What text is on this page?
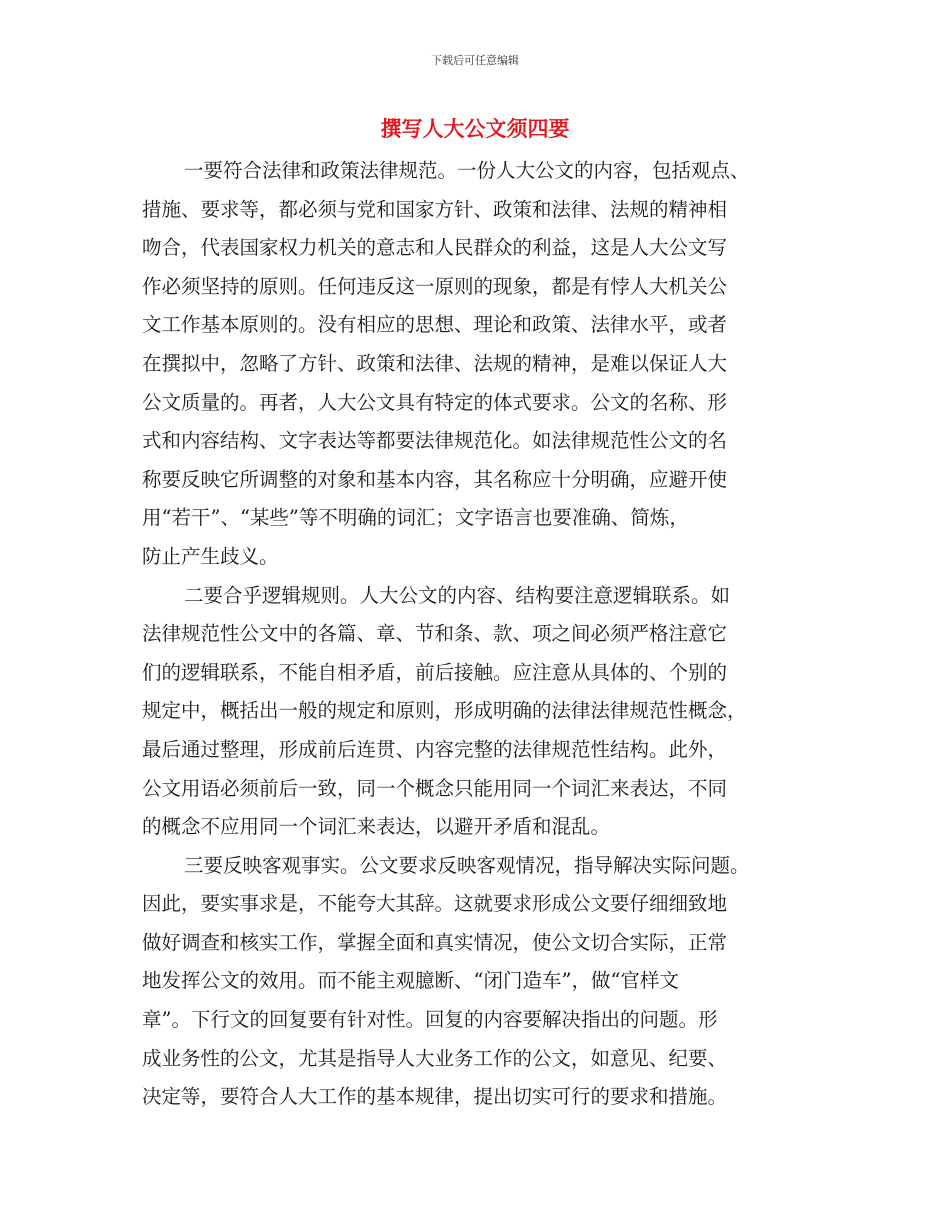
下载后可任意编辑
撰写人大公文须四要
一要符合法律和政策法律规范。一份人大公文的内容，包括观点、
措施、要求等，都必须与党和国家方针、政策和法律、法规的精神相
吻合，代表国家权力机关的意志和人民群众的利益，这是人大公文写
作必须坚持的原则。任何违反这一原则的现象，都是有悖人大机关公
文工作基本原则的。没有相应的思想、理论和政策、法律水平，或者
在撰拟中，忽略了方针、政策和法律、法规的精神，是难以保证人大
公文质量的。再者，人大公文具有特定的体式要求。公文的名称、形
式和内容结构、文字表达等都要法律规范化。如法律规范性公文的名
称要反映它所调整的对象和基本内容，其名称应十分明确，应避开使
用“若干”、“某些”等不明确的词汇；文字语言也要准确、简炼，
防止产生歧义。
二要合乎逻辑规则。人大公文的内容、结构要注意逻辑联系。如
法律规范性公文中的各篇、章、节和条、款、项之间必须严格注意它
们的逻辑联系，不能自相矛盾，前后接触。应注意从具体的、个别的
规定中，概括出一般的规定和原则，形成明确的法律法律规范性概念，
最后通过整理，形成前后连贯、内容完整的法律规范性结构。此外，
公文用语必须前后一致，同一个概念只能用同一个词汇来表达，不同
的概念不应用同一个词汇来表达，以避开矛盾和混乱。
三要反映客观事实。公文要求反映客观情况，指导解决实际问题。
因此，要实事求是，不能夸大其辞。这就要求形成公文要仔细细致地
做好调查和核实工作，掌握全面和真实情况，使公文切合实际，正常
地发挥公文的效用。而不能主观臆断、“闭门造车”，做“官样文
章”。下行文的回复要有针对性。回复的内容要解决指出的问题。形
成业务性的公文，尤其是指导人大业务工作的公文，如意见、纪要、
决定等，要符合人大工作的基本规律，提出切实可行的要求和措施。
